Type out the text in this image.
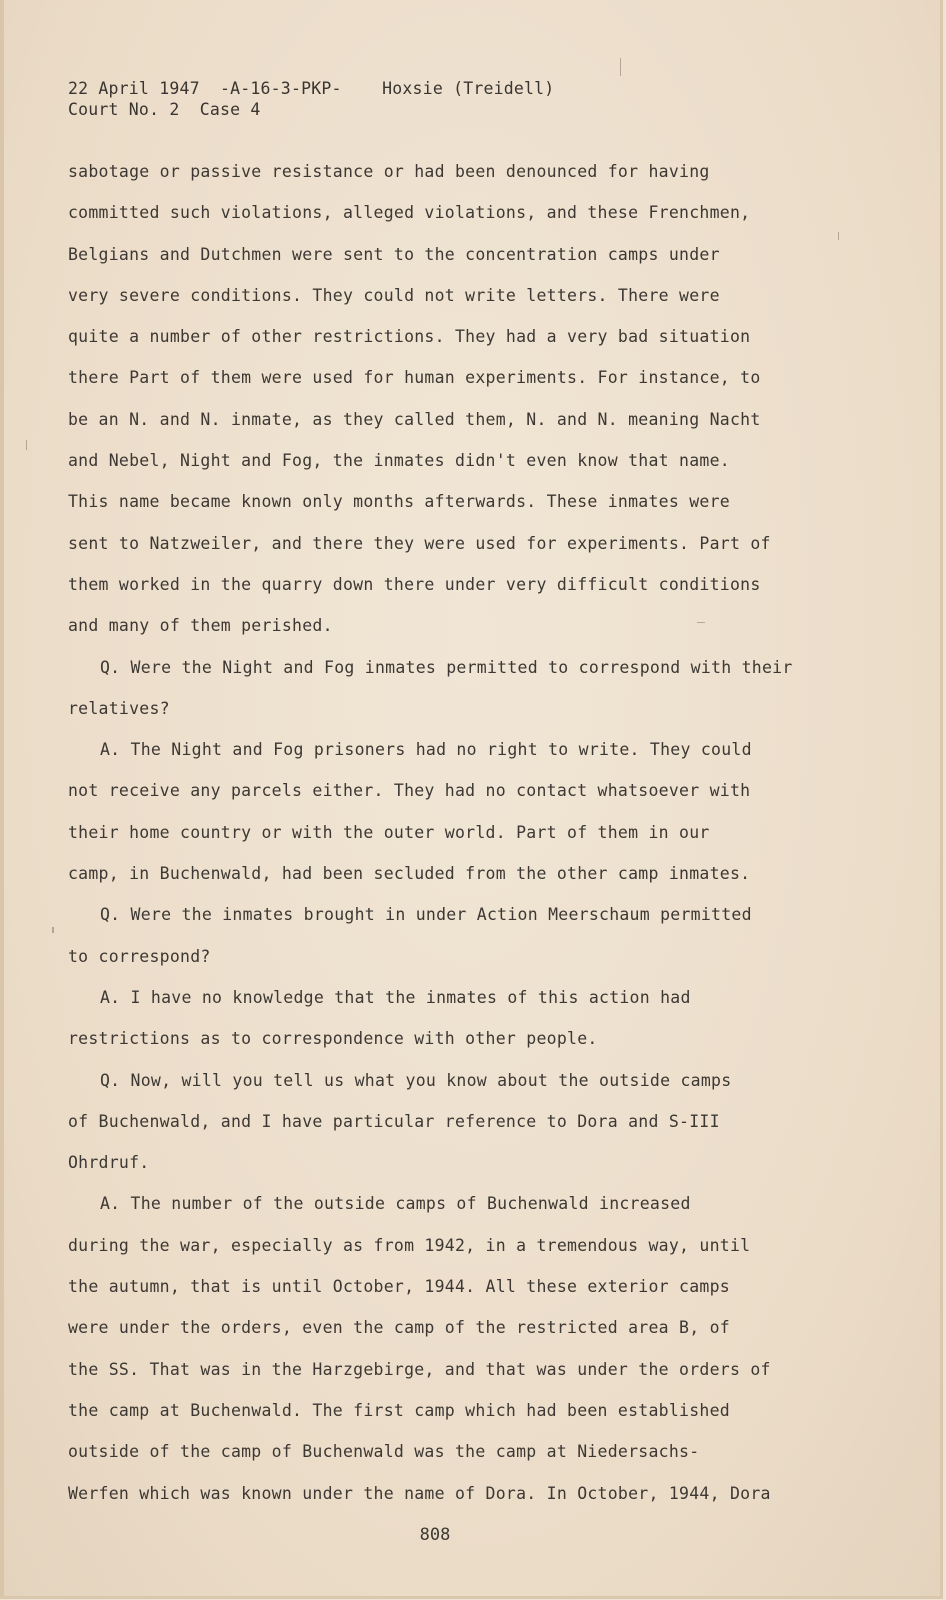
22 April 1947  -A-16-3-PKP-    Hoxsie (Treidell)
Court No. 2  Case 4
sabotage or passive resistance or had been denounced for having
committed such violations, alleged violations, and these Frenchmen,
Belgians and Dutchmen were sent to the concentration camps under
very severe conditions. They could not write letters. There were
quite a number of other restrictions. They had a very bad situation
there Part of them were used for human experiments. For instance, to
be an N. and N. inmate, as they called them, N. and N. meaning Nacht
and Nebel, Night and Fog, the inmates didn't even know that name.
This name became known only months afterwards. These inmates were
sent to Natzweiler, and there they were used for experiments. Part of
them worked in the quarry down there under very difficult conditions
and many of them perished.
Q. Were the Night and Fog inmates permitted to correspond with their
relatives?
A. The Night and Fog prisoners had no right to write. They could
not receive any parcels either. They had no contact whatsoever with
their home country or with the outer world. Part of them in our
camp, in Buchenwald, had been secluded from the other camp inmates.
Q. Were the inmates brought in under Action Meerschaum permitted
to correspond?
A. I have no knowledge that the inmates of this action had
restrictions as to correspondence with other people.
Q. Now, will you tell us what you know about the outside camps
of Buchenwald, and I have particular reference to Dora and S-III
Ohrdruf.
A. The number of the outside camps of Buchenwald increased
during the war, especially as from 1942, in a tremendous way, until
the autumn, that is until October, 1944. All these exterior camps
were under the orders, even the camp of the restricted area B, of
the SS. That was in the Harzgebirge, and that was under the orders of
the camp at Buchenwald. The first camp which had been established
outside of the camp of Buchenwald was the camp at Niedersachs-
Werfen which was known under the name of Dora. In October, 1944, Dora
808
